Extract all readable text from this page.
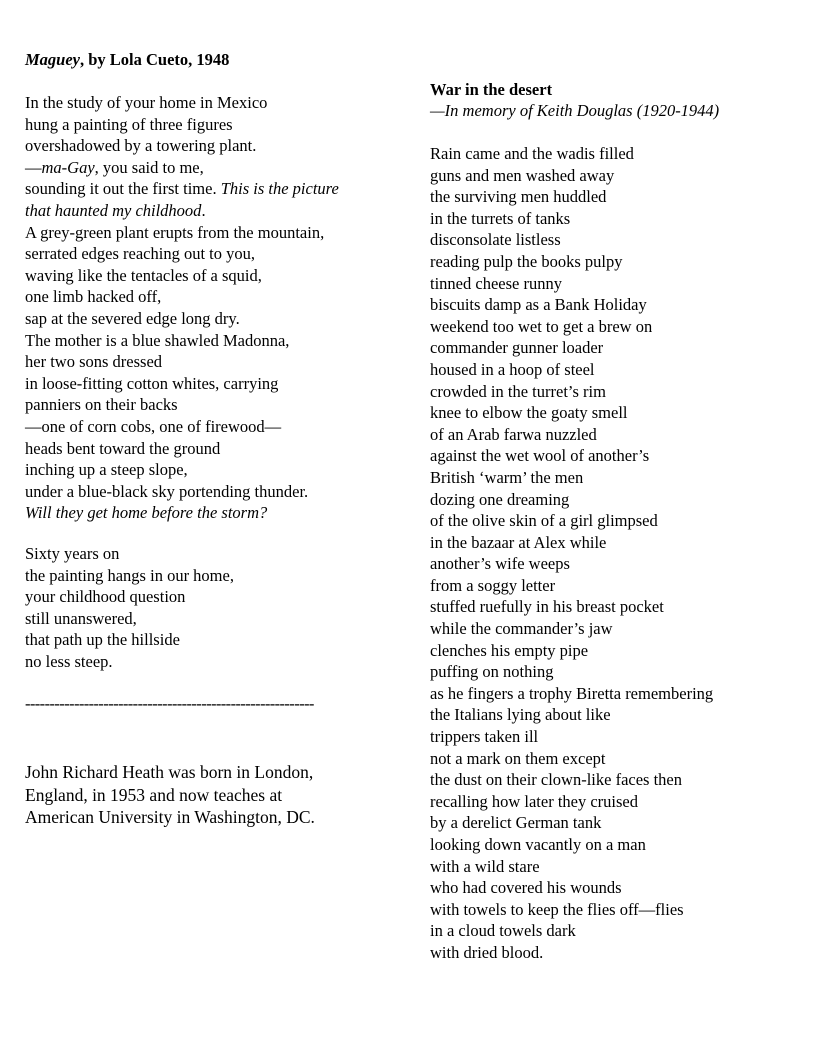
Maguey, by Lola Cueto, 1948
In the study of your home in Mexico
hung a painting of three figures
overshadowed by a towering plant.
—ma-Gay, you said to me,
sounding it out the first time. This is the picture
that haunted my childhood.
A grey-green plant erupts from the mountain,
serrated edges reaching out to you,
waving like the tentacles of a squid,
one limb hacked off,
sap at the severed edge long dry.
The mother is a blue shawled Madonna,
her two sons dressed
in loose-fitting cotton whites, carrying
panniers on their backs
—one of corn cobs, one of firewood—
heads bent toward the ground
inching up a steep slope,
under a blue-black sky portending thunder.
Will they get home before the storm?
Sixty years on
the painting hangs in our home,
your childhood question
still unanswered,
that path up the hillside
no less steep.
-----------------------------------------------------------
John Richard Heath was born in London,
England, in 1953 and now teaches at
American University in Washington, DC.
War in the desert
—In memory of Keith Douglas (1920-1944)
Rain came and the wadis filled
guns and men washed away
the surviving men huddled
in the turrets of tanks
disconsolate listless
reading pulp the books pulpy
tinned cheese runny
biscuits damp as a Bank Holiday
weekend too wet to get a brew on
commander gunner loader
housed in a hoop of steel
crowded in the turret’s rim
knee to elbow the goaty smell
of an Arab farwa nuzzled
against the wet wool of another’s
British ‘warm’ the men
dozing one dreaming
of the olive skin of a girl glimpsed
in the bazaar at Alex while
another’s wife weeps
from a soggy letter
stuffed ruefully in his breast pocket
while the commander’s jaw
clenches his empty pipe
puffing on nothing
as he fingers a trophy Biretta remembering
the Italians lying about like
trippers taken ill
not a mark on them except
the dust on their clown-like faces then
recalling how later they cruised
by a derelict German tank
looking down vacantly on a man
with a wild stare
who had covered his wounds
with towels to keep the flies off—flies
in a cloud towels dark
with dried blood.
